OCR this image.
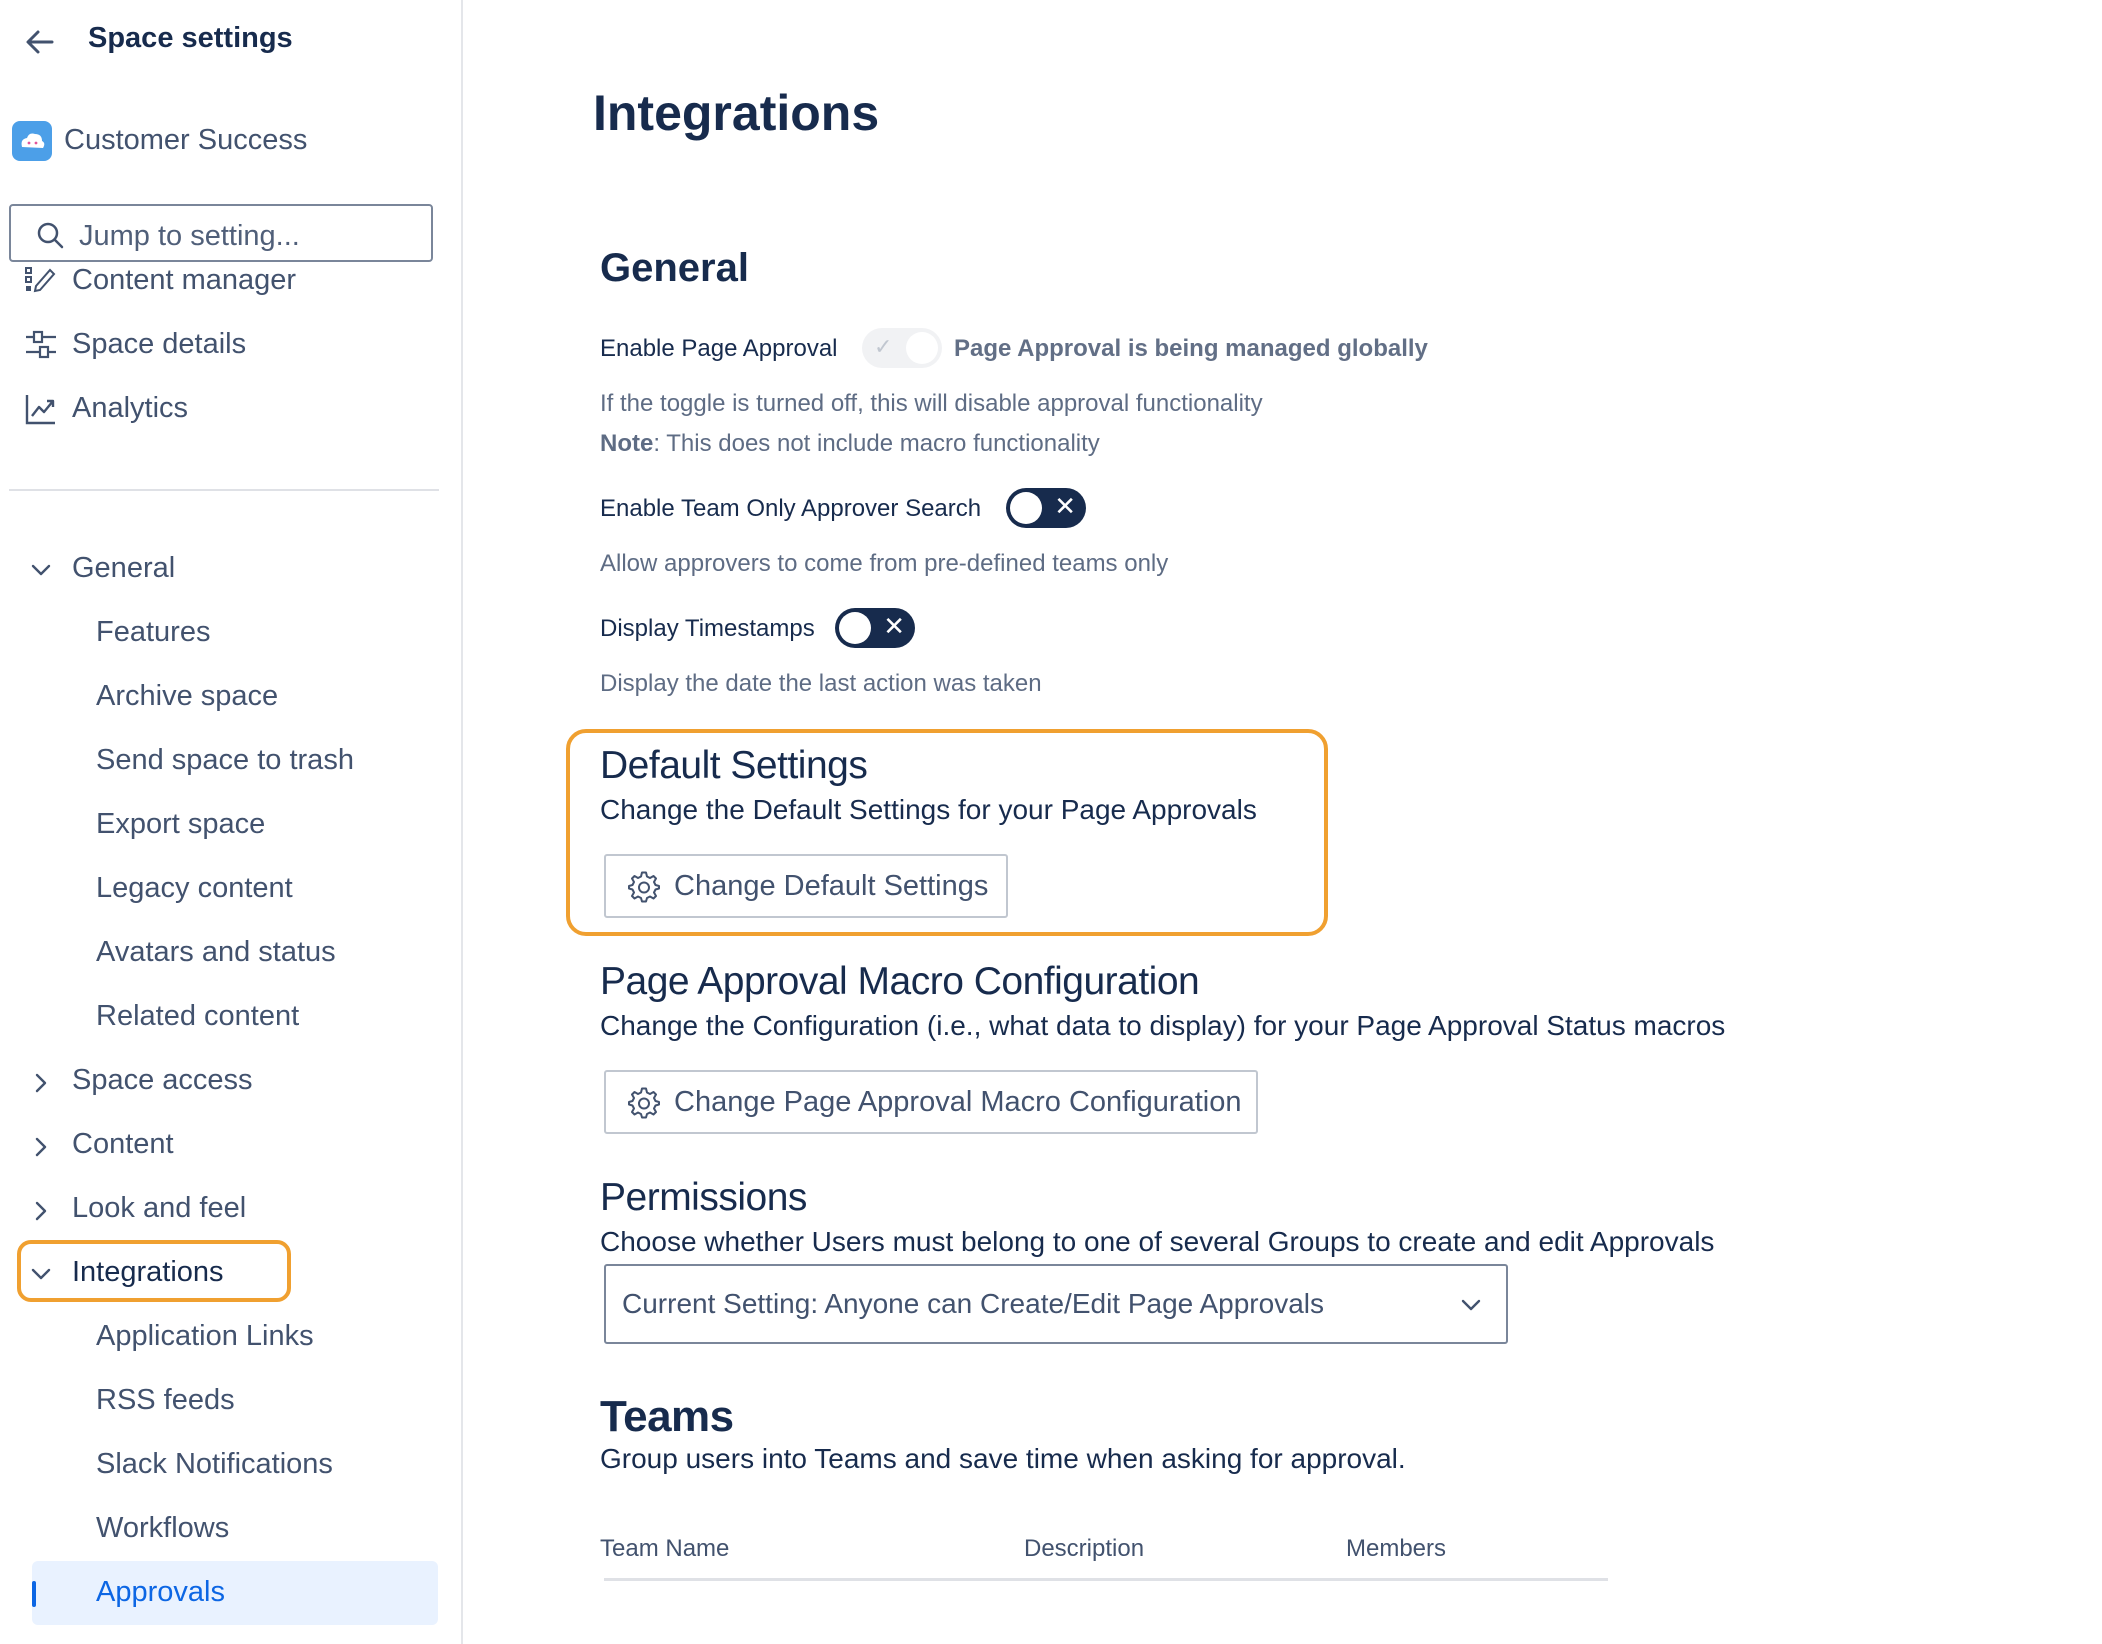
Space settings
Customer Success
Jump to setting...
Content manager
Space details
Analytics
General
Features
Archive space
Send space to trash
Export space
Legacy content
Avatars and status
Related content
Space access
Content
Look and feel
Integrations
Application Links
RSS feeds
Slack Notifications
Workflows
Approvals
Integrations
General
Enable Page Approval ✓	Page Approval is being managed globally
If the toggle is turned off, this will disable approval functionality
Note: This does not include macro functionality
Enable Team Only Approver Search	✕
Allow approvers to come from pre-defined teams only
Display Timestamps	✕
Display the date the last action was taken
Default Settings
Change the Default Settings for your Page Approvals
Change Default Settings
Page Approval Macro Configuration
Change the Configuration (i.e., what data to display) for your Page Approval Status macros
Change Page Approval Macro Configuration
Permissions
Choose whether Users must belong to one of several Groups to create and edit Approvals
Current Setting: Anyone can Create/Edit Page Approvals
Teams
Group users into Teams and save time when asking for approval.
Team Name	Description	Members
